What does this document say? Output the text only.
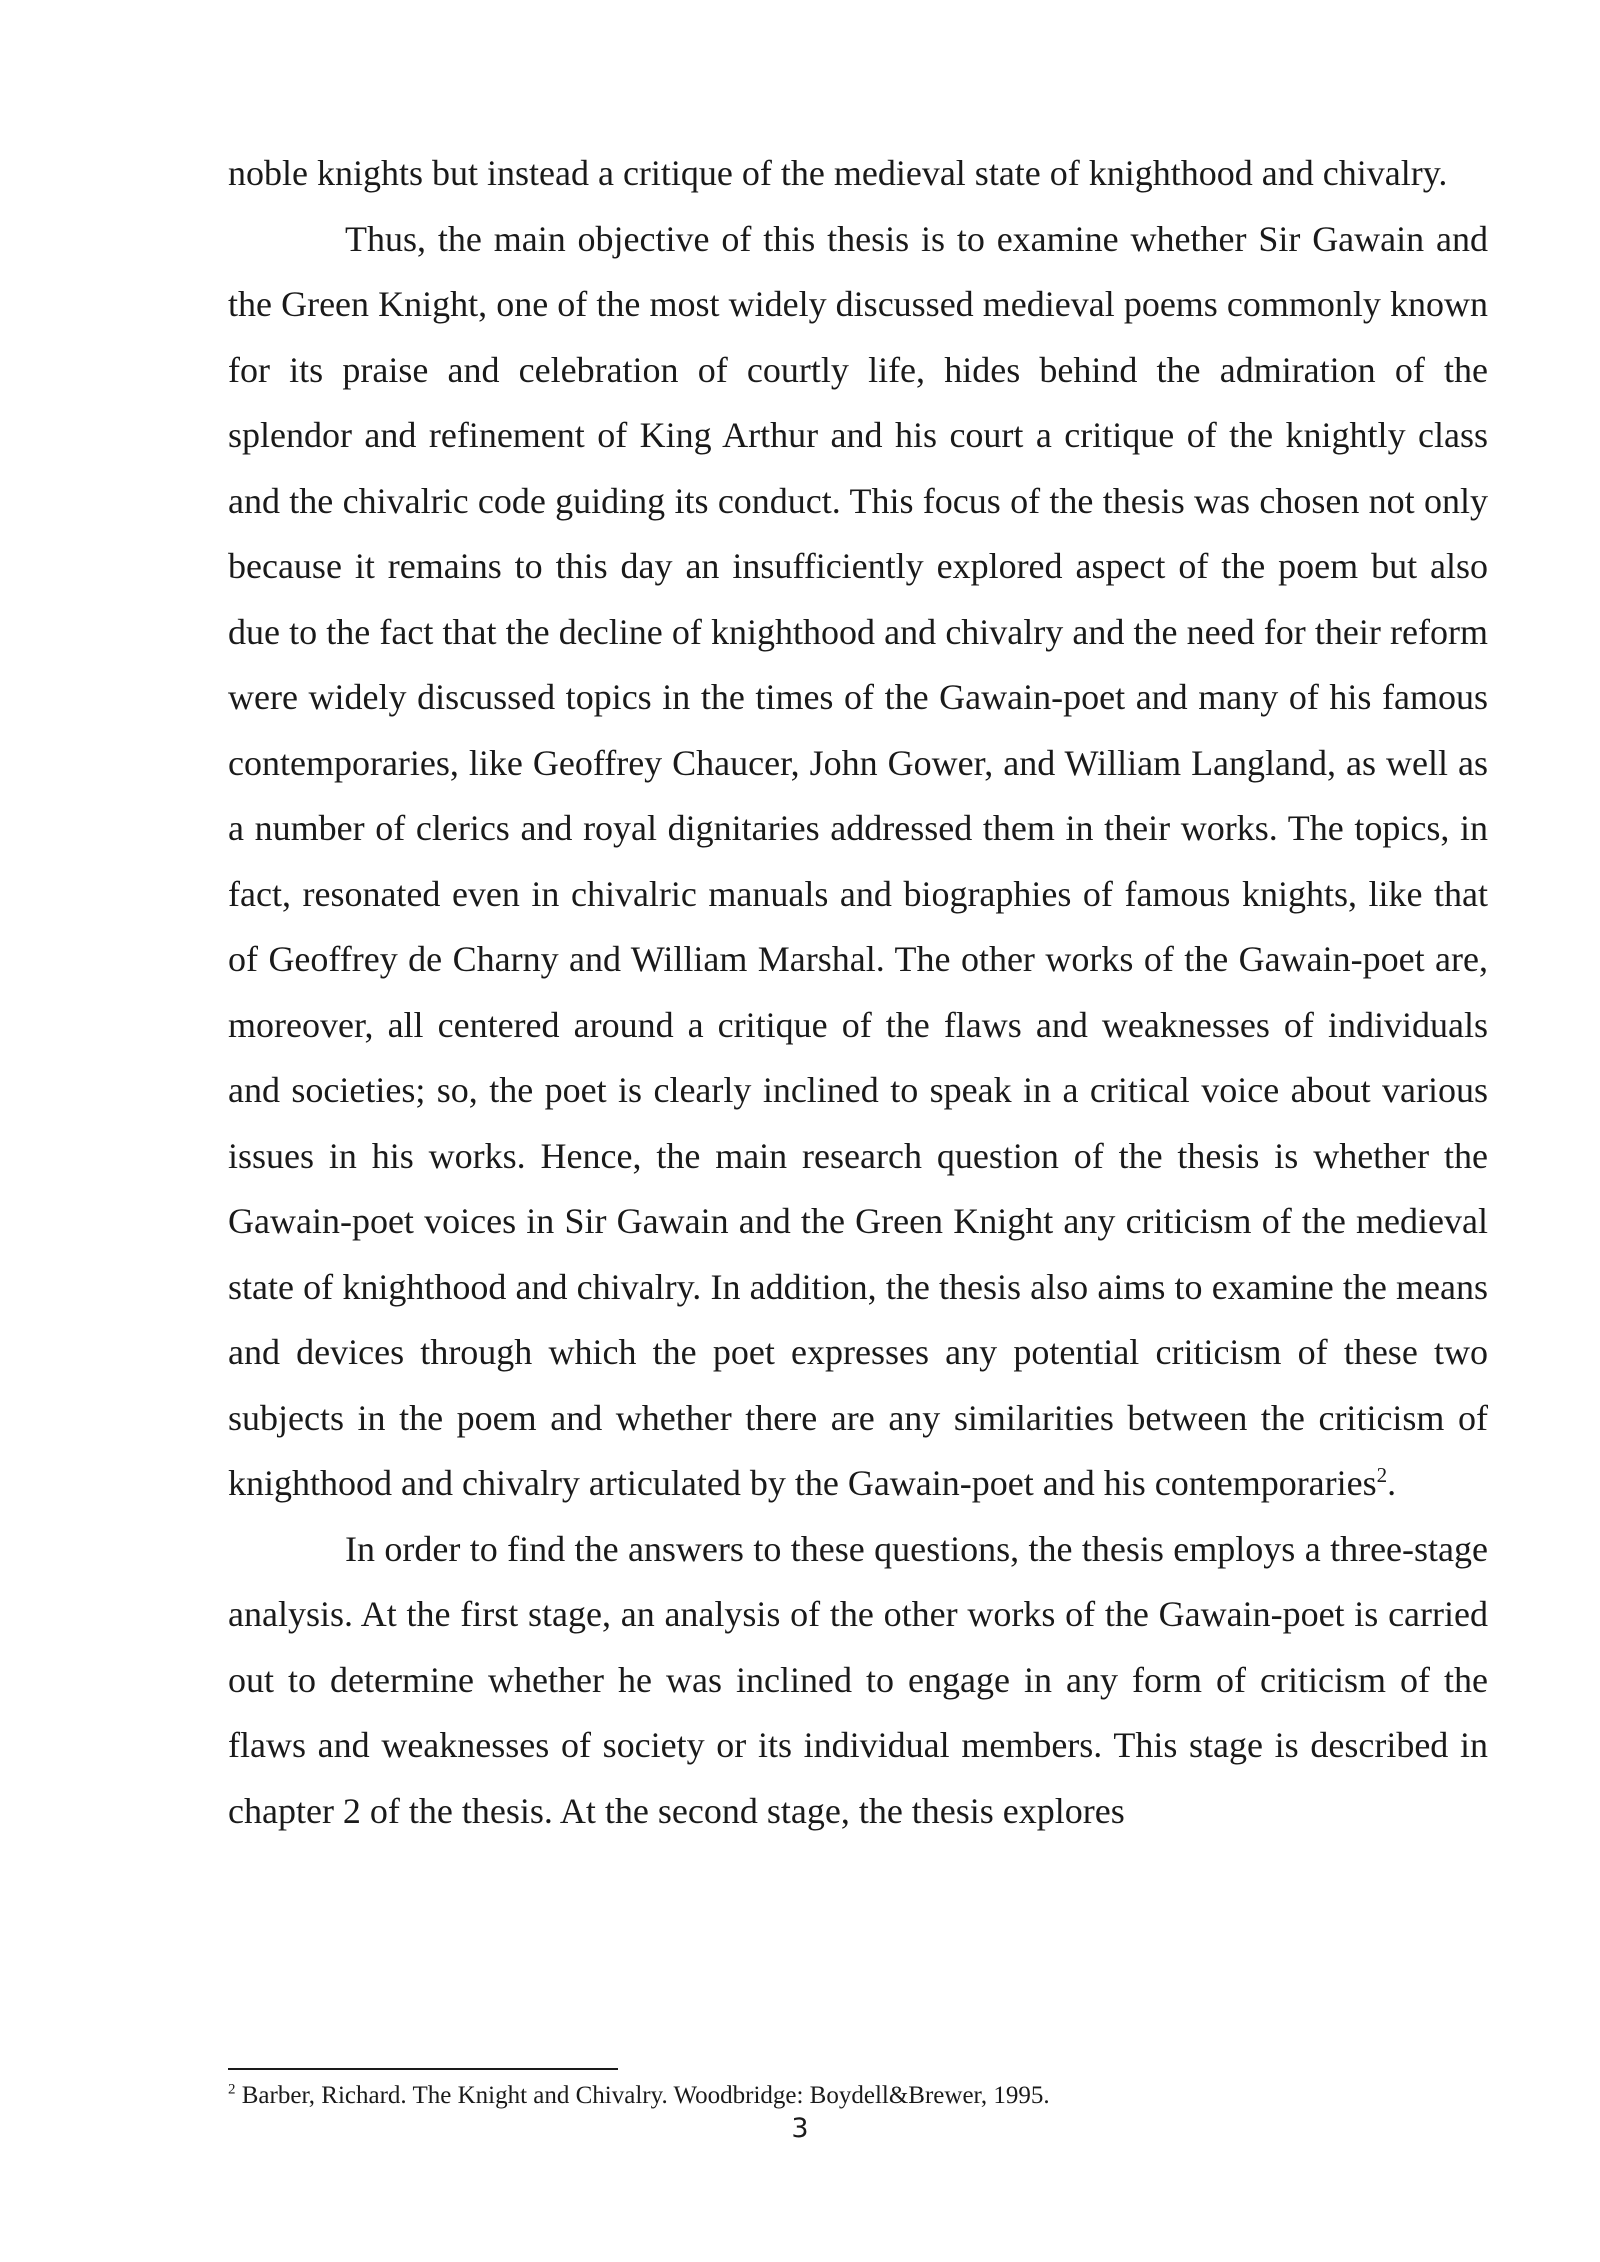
noble knights but instead a critique of the medieval state of knighthood and chivalry.

Thus, the main objective of this thesis is to examine whether Sir Gawain and the Green Knight, one of the most widely discussed medieval poems commonly known for its praise and celebration of courtly life, hides behind the admiration of the splendor and refinement of King Arthur and his court a critique of the knightly class and the chivalric code guiding its conduct. This focus of the thesis was chosen not only because it remains to this day an insufficiently explored aspect of the poem but also due to the fact that the decline of knighthood and chivalry and the need for their reform were widely discussed topics in the times of the Gawain-poet and many of his famous contemporaries, like Geoffrey Chaucer, John Gower, and William Langland, as well as a number of clerics and royal dignitaries addressed them in their works. The topics, in fact, resonated even in chivalric manuals and biographies of famous knights, like that of Geoffrey de Charny and William Marshal. The other works of the Gawain-poet are, moreover, all centered around a critique of the flaws and weaknesses of individuals and societies; so, the poet is clearly inclined to speak in a critical voice about various issues in his works. Hence, the main research question of the thesis is whether the Gawain-poet voices in Sir Gawain and the Green Knight any criticism of the medieval state of knighthood and chivalry. In addition, the thesis also aims to examine the means and devices through which the poet expresses any potential criticism of these two subjects in the poem and whether there are any similarities between the criticism of knighthood and chivalry articulated by the Gawain-poet and his contemporaries$^2$.

In order to find the answers to these questions, the thesis employs a three-stage analysis. At the first stage, an analysis of the other works of the Gawain-poet is carried out to determine whether he was inclined to engage in any form of criticism of the flaws and weaknesses of society or its individual members. This stage is described in chapter 2 of the thesis. At the second stage, the thesis explores

$^2$ Barber, Richard. The Knight and Chivalry. Woodbridge: Boydell&Brewer, 1995.
3
